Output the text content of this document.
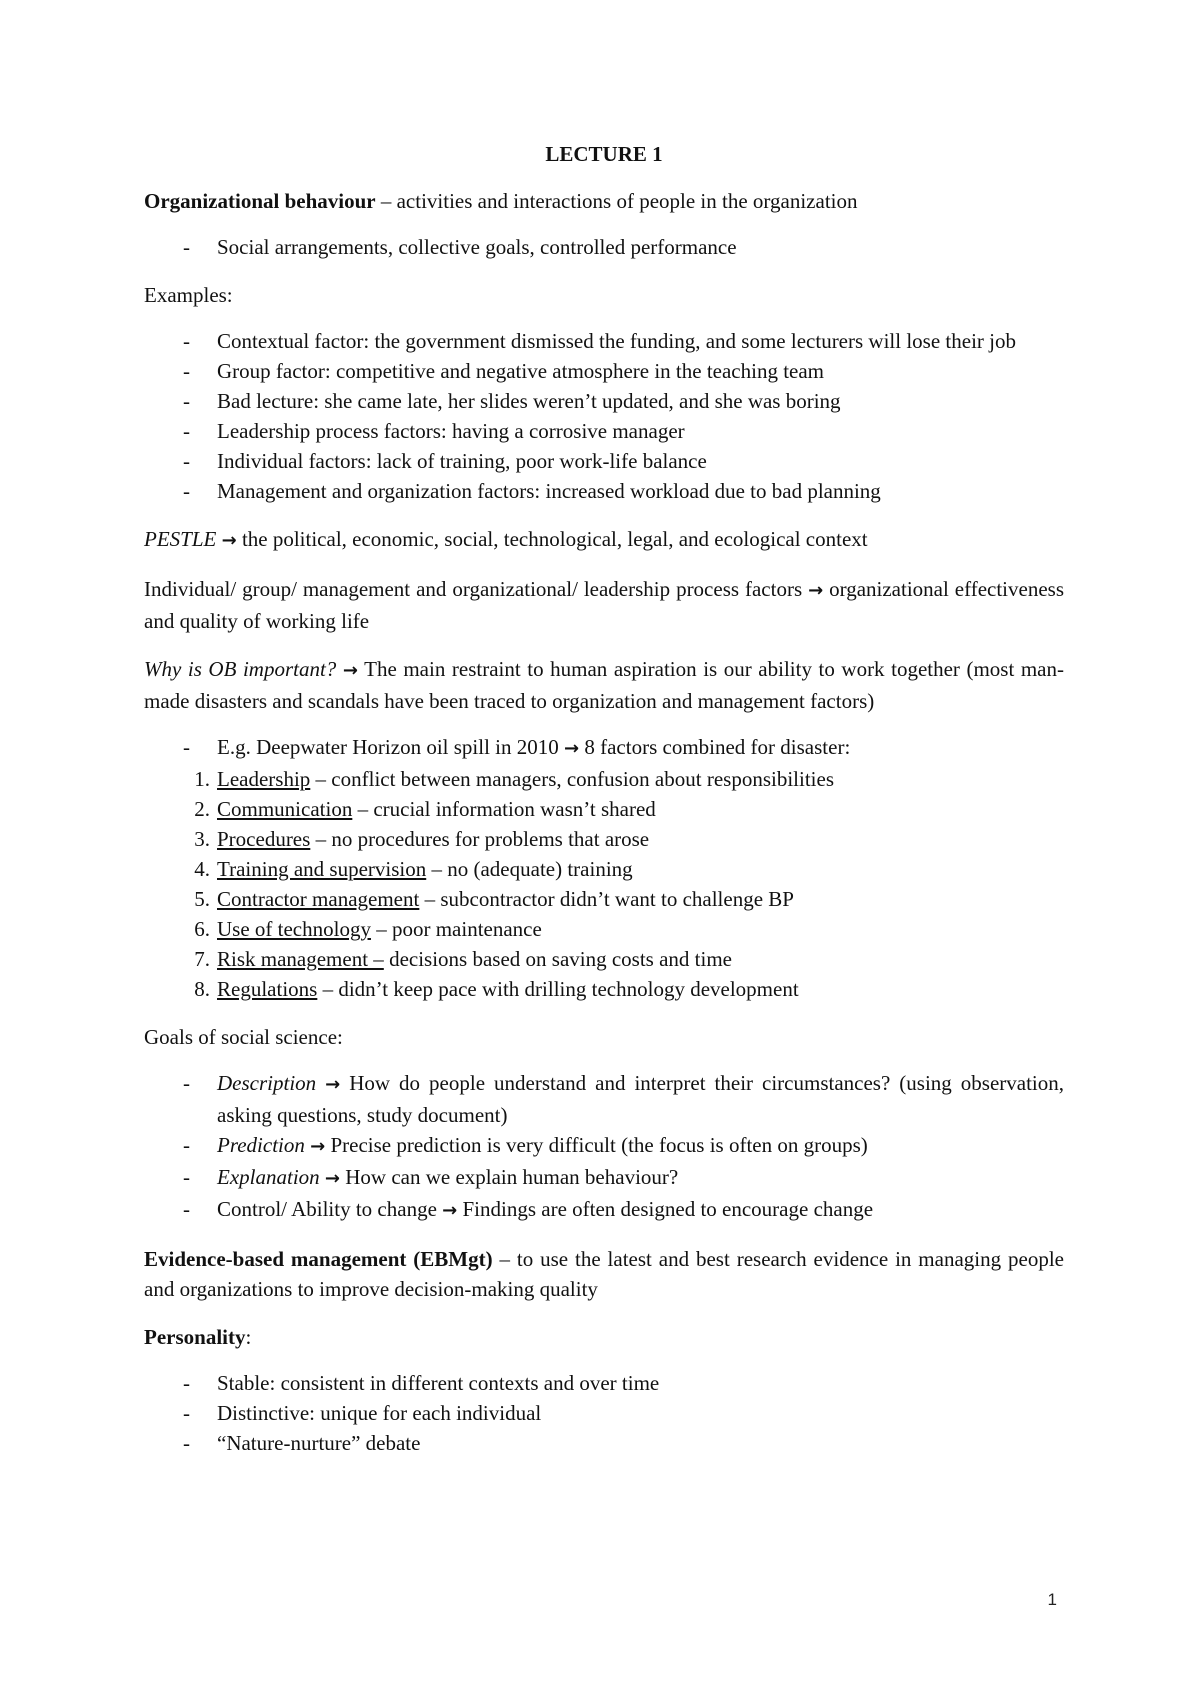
LECTURE 1

Organizational behaviour – activities and interactions of people in the organization

- Social arrangements, collective goals, controlled performance

Examples:

- Contextual factor: the government dismissed the funding, and some lecturers will lose their job
- Group factor: competitive and negative atmosphere in the teaching team
- Bad lecture: she came late, her slides weren’t updated, and she was boring
- Leadership process factors: having a corrosive manager
- Individual factors: lack of training, poor work-life balance
- Management and organization factors: increased workload due to bad planning

PESTLE → the political, economic, social, technological, legal, and ecological context

Individual/ group/ management and organizational/ leadership process factors → organizational effectiveness and quality of working life

Why is OB important? → The main restraint to human aspiration is our ability to work together (most man-made disasters and scandals have been traced to organization and management factors)

- E.g. Deepwater Horizon oil spill in 2010 → 8 factors combined for disaster:
1. Leadership – conflict between managers, confusion about responsibilities
2. Communication – crucial information wasn’t shared
3. Procedures – no procedures for problems that arose
4. Training and supervision – no (adequate) training
5. Contractor management – subcontractor didn’t want to challenge BP
6. Use of technology – poor maintenance
7. Risk management – decisions based on saving costs and time
8. Regulations – didn’t keep pace with drilling technology development

Goals of social science:

- Description → How do people understand and interpret their circumstances? (using observation, asking questions, study document)
- Prediction → Precise prediction is very difficult (the focus is often on groups)
- Explanation → How can we explain human behaviour?
- Control/ Ability to change → Findings are often designed to encourage change

Evidence-based management (EBMgt) – to use the latest and best research evidence in managing people and organizations to improve decision-making quality

Personality:

- Stable: consistent in different contexts and over time
- Distinctive: unique for each individual
- “Nature-nurture” debate
1
